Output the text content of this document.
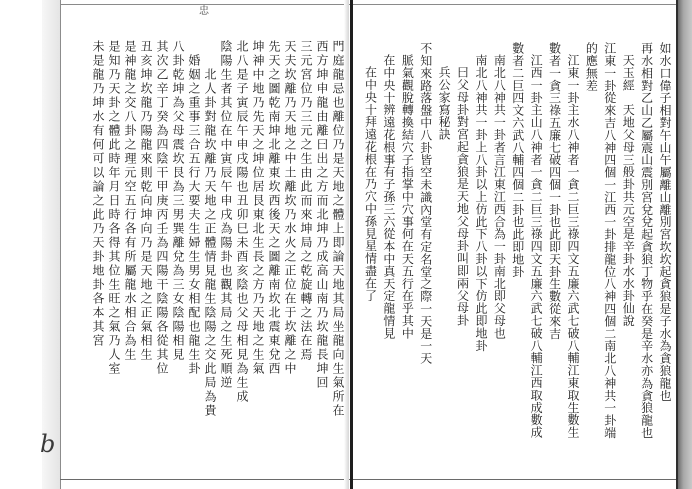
忠
b
如水口偉子相對午山午屬離山離別宮坎坎起貪狼是子水為貪狼龍也
再水相對乙山乙屬震山震別宮兌兌起貪狼丁物乎在癸是辛水亦為貪狼龍也
天玉經　天地父母三般卦共元空是辛卦水水卦仙說
江東一卦從來吉八神四個一江西一卦排龍位八神四個二南北八神共一卦端
的應無差
江東一卦主水八神者一貪二巨三祿四文五廉六武七破八輔江東取生數生
數者一貪三祿五廉七破四個一卦也此即天卦生數從來吉
江西一卦主山八神者一貪二巨三祿四文五廉六武七破八輔江西取成數成
數者二巨四文六武八輔四個二卦也此即地卦
南北八神共一卦者言江東江西合為一卦南北即父母也
南北八神共一卦上八卦以上仿此下八卦以下仿此即地卦
曰父母卦對宮起貪狼是天地父母卦叫即兩父母卦
兵公家寫秘訣
不知來路落盤中八卦皆空未識內堂有定名堂之際一天是一天
脈氣觀脫轉換結穴子指掌中穴事何在天五行在乎其中
在中央十辨遠花根事有子孫三六從本中真天定龍情見
在中央十拜遠花根在乃穴中孫見星情盡在了
門庭龍忌也離位乃是天地之體上即論天地其局坐龍向生氣所在
西方坤申龍由離曰出之方而北坤乃成高山南乃坎龍長坤回
三元宮位乃三元之生由此而來坤局之乾旋轉之法在焉
天夫坎離乃天地之中土離坎乃水火之正位在于坎離之中
先天之圖乾南坤北離東坎西後天之圖離南坎北震東兌西
坤神中地乃先天之坤位居艮東北生長之方乃天地之生氣
北八是子寅辰午申戌陽也丑卯巳未酉亥陰也父母相見為生成
陰陽生者其位在中寅辰午申戌為陽卦也觀其局之生死順逆
北人卦對龍坎離乃天地之正體情見龍生陰陽之交此局為貴
婚姻之重事三合五行大要夫生婦生男女相配也龍生卦
八卦乾坤為父母震坎艮為三男巽離兌為三女陰陽相見
其次乙辛丁癸為四陰干甲庚丙壬為四陽干陰陽各從其位
丑亥坤坎龍乃陽龍來則乾向坤向乃是天地之正氣相生
是神龍之交八卦之理元空五行各有所屬龍水相合為生
是知乃天卦之體此時年月日時各得其位生旺之氣乃人室
未是龍乃坤水有何可以論之此乃天卦地卦各本其宮
